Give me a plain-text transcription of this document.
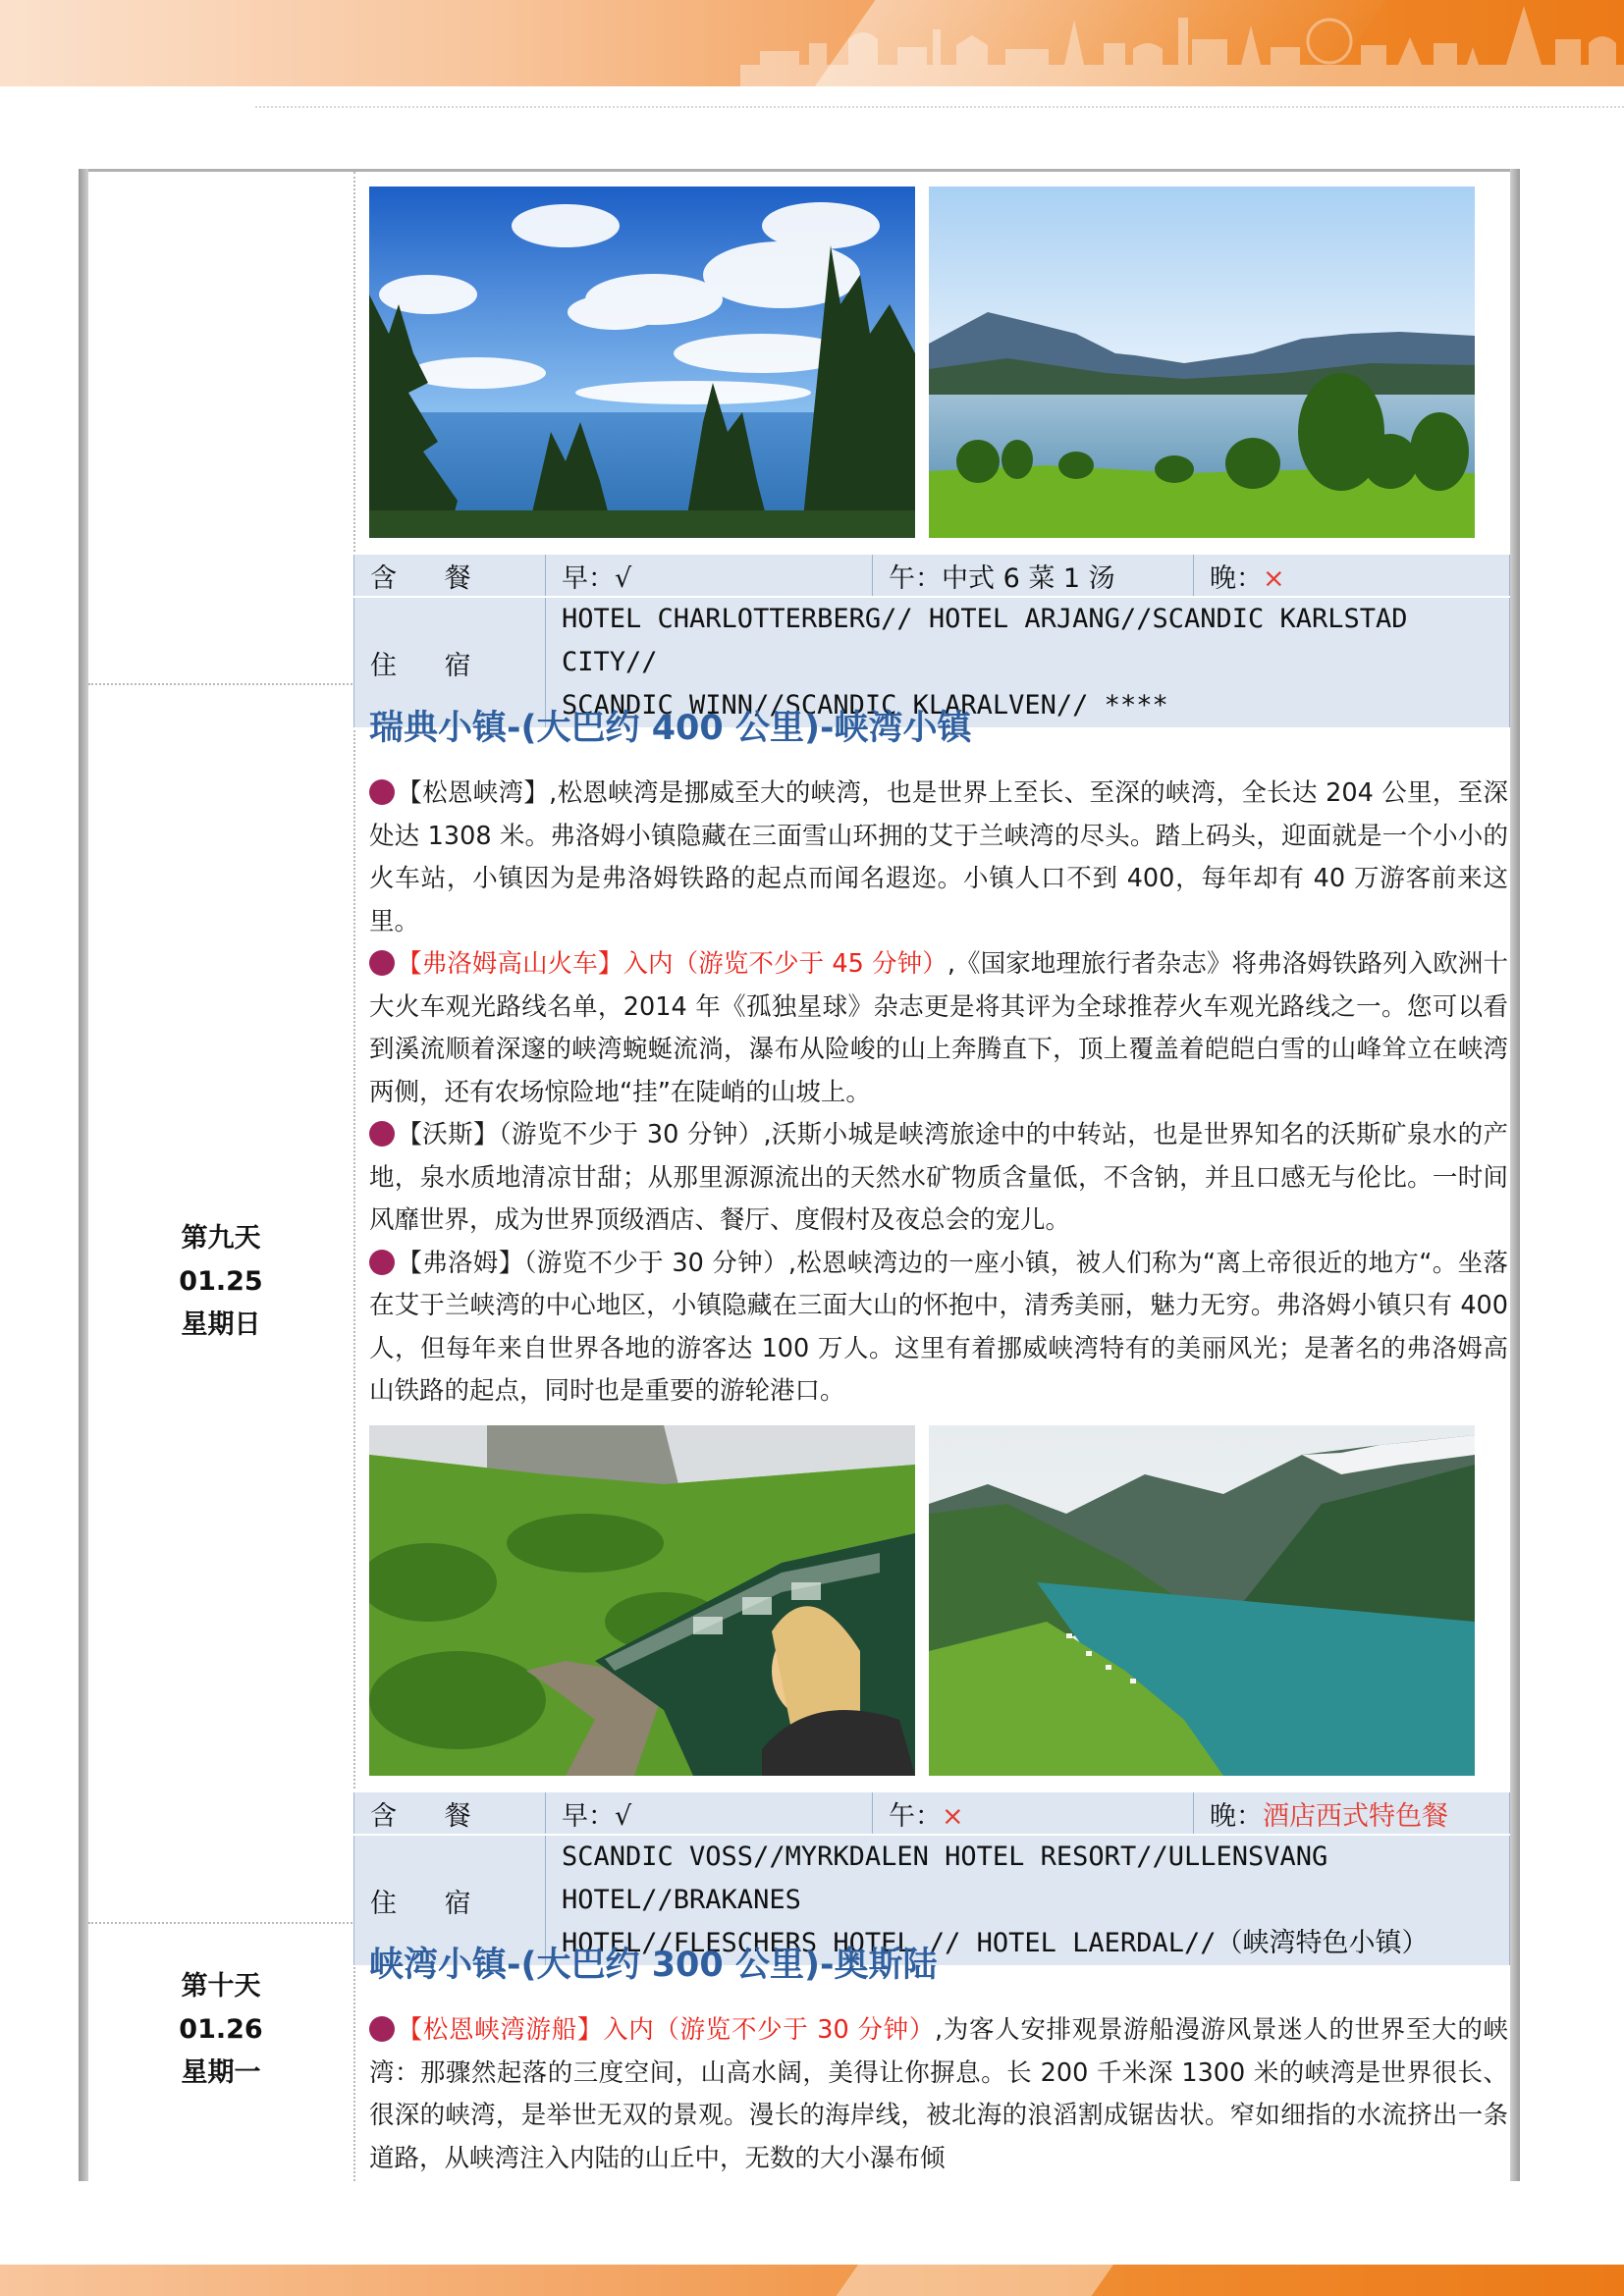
含 餐	早：√	午：中式 6 菜 1 汤	晚：×
住 宿	HOTEL CHARLOTTERBERG// HOTEL ARJANG//SCANDIC KARLSTAD CITY//
SCANDIC WINN//SCANDIC KLARALVEN// ****		
第九天
01.25
星期日
瑞典小镇-(大巴约 400 公里)-峡湾小镇

【松恩峡湾】,松恩峡湾是挪威至大的峡湾，也是世界上至长、至深的峡湾，全长达 204 公里，至深处达 1308 米。弗洛姆小镇隐藏在三面雪山环拥的艾于兰峡湾的尽头。踏上码头，迎面就是一个小小的火车站，小镇因为是弗洛姆铁路的起点而闻名遐迩。小镇人口不到 400，每年却有 40 万游客前来这里。

【弗洛姆高山火车】入内（游览不少于 45 分钟）,《国家地理旅行者杂志》将弗洛姆铁路列入欧洲十大火车观光路线名单，2014 年《孤独星球》杂志更是将其评为全球推荐火车观光路线之一。您可以看到溪流顺着深邃的峡湾蜿蜒流淌，瀑布从险峻的山上奔腾直下，顶上覆盖着皑皑白雪的山峰耸立在峡湾两侧，还有农场惊险地“挂”在陡峭的山坡上。

【沃斯】（游览不少于 30 分钟）,沃斯小城是峡湾旅途中的中转站，也是世界知名的沃斯矿泉水的产地，泉水质地清凉甘甜；从那里源源流出的天然水矿物质含量低，不含钠，并且口感无与伦比。一时间风靡世界，成为世界顶级酒店、餐厅、度假村及夜总会的宠儿。

【弗洛姆】（游览不少于 30 分钟）,松恩峡湾边的一座小镇，被人们称为“离上帝很近的地方“。坐落在艾于兰峡湾的中心地区，小镇隐藏在三面大山的怀抱中，清秀美丽，魅力无穷。弗洛姆小镇只有 400 人，但每年来自世界各地的游客达 100 万人。这里有着挪威峡湾特有的美丽风光；是著名的弗洛姆高山铁路的起点，同时也是重要的游轮港口。

含 餐	早：√	午：×	晚：酒店西式特色餐
住 宿	SCANDIC VOSS//MYRKDALEN HOTEL RESORT//ULLENSVANG HOTEL//BRAKANES
HOTEL//FLESCHERS HOTEL // HOTEL LAERDAL//（峡湾特色小镇）		
第十天
01.26
星期一
峡湾小镇-(大巴约 300 公里)-奥斯陆

【松恩峡湾游船】入内（游览不少于 30 分钟）,为客人安排观景游船漫游风景迷人的世界至大的峡湾：那骤然起落的三度空间，山高水阔，美得让你摒息。长 200 千米深 1300 米的峡湾是世界很长、很深的峡湾，是举世无双的景观。漫长的海岸线，被北海的浪滔割成锯齿状。窄如细指的水流挤出一条道路，从峡湾注入内陆的山丘中，无数的大小瀑布倾
